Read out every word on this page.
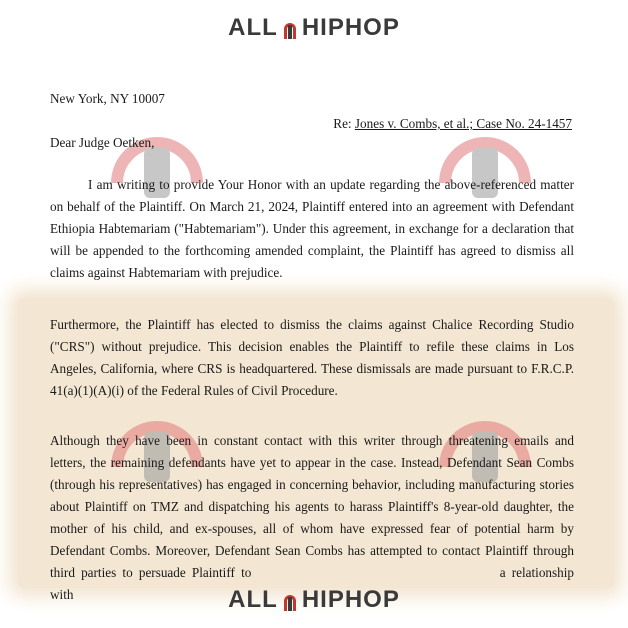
ALL HIPHOP
New York, NY 10007
Re: Jones v. Combs, et al.; Case No. 24-1457
Dear Judge Oetken,

I am writing to provide Your Honor with an update regarding the above-referenced matter on behalf of the Plaintiff. On March 21, 2024, Plaintiff entered into an agreement with Defendant Ethiopia Habtemariam ("Habtemariam"). Under this agreement, in exchange for a declaration that will be appended to the forthcoming amended complaint, the Plaintiff has agreed to dismiss all claims against Habtemariam with prejudice.

Furthermore, the Plaintiff has elected to dismiss the claims against Chalice Recording Studio ("CRS") without prejudice. This decision enables the Plaintiff to refile these claims in Los Angeles, California, where CRS is headquartered. These dismissals are made pursuant to F.R.C.P. 41(a)(1)(A)(i) of the Federal Rules of Civil Procedure.

Although they have been in constant contact with this writer through threatening emails and letters, the remaining defendants have yet to appear in the case. Instead, Defendant Sean Combs (through his representatives) has engaged in concerning behavior, including manufacturing stories about Plaintiff on TMZ and dispatching his agents to harass Plaintiff's 8-year-old daughter, the mother of his child, and ex-spouses, all of whom have expressed fear of potential harm by Defendant Combs. Moreover, Defendant Sean Combs has attempted to contact Plaintiff through third parties to persuade Plaintiff to	a relationship with	ALL HIPHOP
